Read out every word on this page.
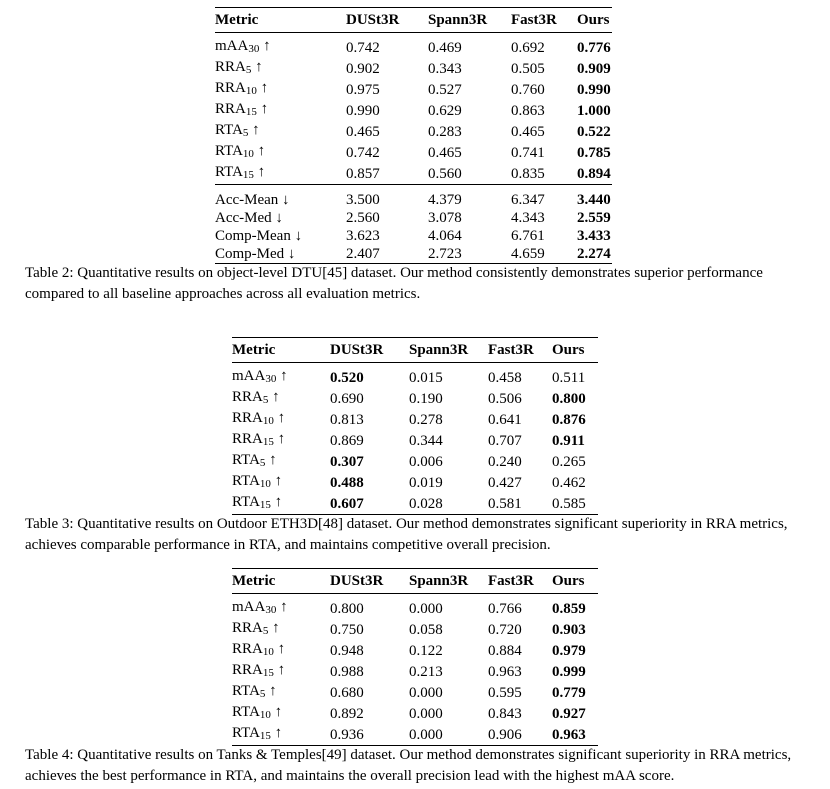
Metric	DUSt3R	Spann3R	Fast3R	Ours
mAA30 ↑	0.742	0.469	0.692	0.776
RRA5 ↑	0.902	0.343	0.505	0.909
RRA10 ↑	0.975	0.527	0.760	0.990
RRA15 ↑	0.990	0.629	0.863	1.000
RTA5 ↑	0.465	0.283	0.465	0.522
RTA10 ↑	0.742	0.465	0.741	0.785
RTA15 ↑	0.857	0.560	0.835	0.894
Acc-Mean ↓	3.500	4.379	6.347	3.440
Acc-Med ↓	2.560	3.078	4.343	2.559
Comp-Mean ↓	3.623	4.064	6.761	3.433
Comp-Med ↓	2.407	2.723	4.659	2.274
Table 2: Quantitative results on object-level DTU[45] dataset. Our method consistently demonstrates superior performance compared to all baseline approaches across all evaluation metrics.
Metric	DUSt3R	Spann3R	Fast3R	Ours
mAA30 ↑	0.520	0.015	0.458	0.511
RRA5 ↑	0.690	0.190	0.506	0.800
RRA10 ↑	0.813	0.278	0.641	0.876
RRA15 ↑	0.869	0.344	0.707	0.911
RTA5 ↑	0.307	0.006	0.240	0.265
RTA10 ↑	0.488	0.019	0.427	0.462
RTA15 ↑	0.607	0.028	0.581	0.585
Table 3: Quantitative results on Outdoor ETH3D[48] dataset. Our method demonstrates significant superiority in RRA metrics, achieves comparable performance in RTA, and maintains competitive overall precision.
Metric	DUSt3R	Spann3R	Fast3R	Ours
mAA30 ↑	0.800	0.000	0.766	0.859
RRA5 ↑	0.750	0.058	0.720	0.903
RRA10 ↑	0.948	0.122	0.884	0.979
RRA15 ↑	0.988	0.213	0.963	0.999
RTA5 ↑	0.680	0.000	0.595	0.779
RTA10 ↑	0.892	0.000	0.843	0.927
RTA15 ↑	0.936	0.000	0.906	0.963
Table 4: Quantitative results on Tanks & Temples[49] dataset. Our method demonstrates significant superiority in RRA metrics, achieves the best performance in RTA, and maintains the overall precision lead with the highest mAA score.
